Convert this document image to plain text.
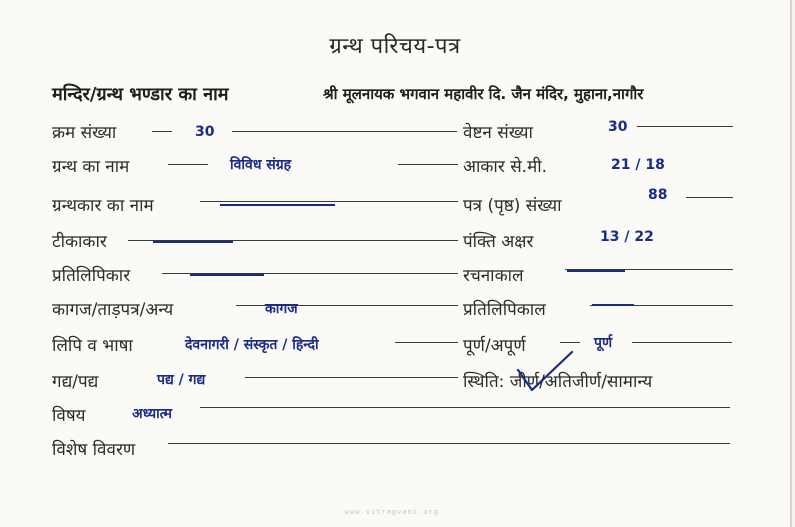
ग्रन्थ परिचय-पत्र
मन्दिर/ग्रन्थ भण्डार का नाम	श्री मूलनायक भगवान महावीर दि. जैन मंदिर, मुहाना,नागौर
क्रम संख्या
ग्रन्थ का नाम
ग्रन्थकार का नाम
टीकाकार
प्रतिलिपिकार
कागज/ताड़पत्र/अन्य
लिपि व भाषा
गद्य/पद्य
विषय
विशेष विवरण
वेष्टन संख्या
आकार से.मी.
पत्र (पृष्ठ) संख्या
पंक्ति अक्षर
रचनाकाल
प्रतिलिपिकाल
पूर्ण/अपूर्ण
स्थिति: जीर्ण/अतिजीर्ण/सामान्य
30
विविध संग्रह
कागज
देवनागरी / संस्कृत / हिन्दी
पद्य / गद्य
अध्यात्म
30
21 / 18
88
13 / 22
पूर्ण
www.vitragvani.org
